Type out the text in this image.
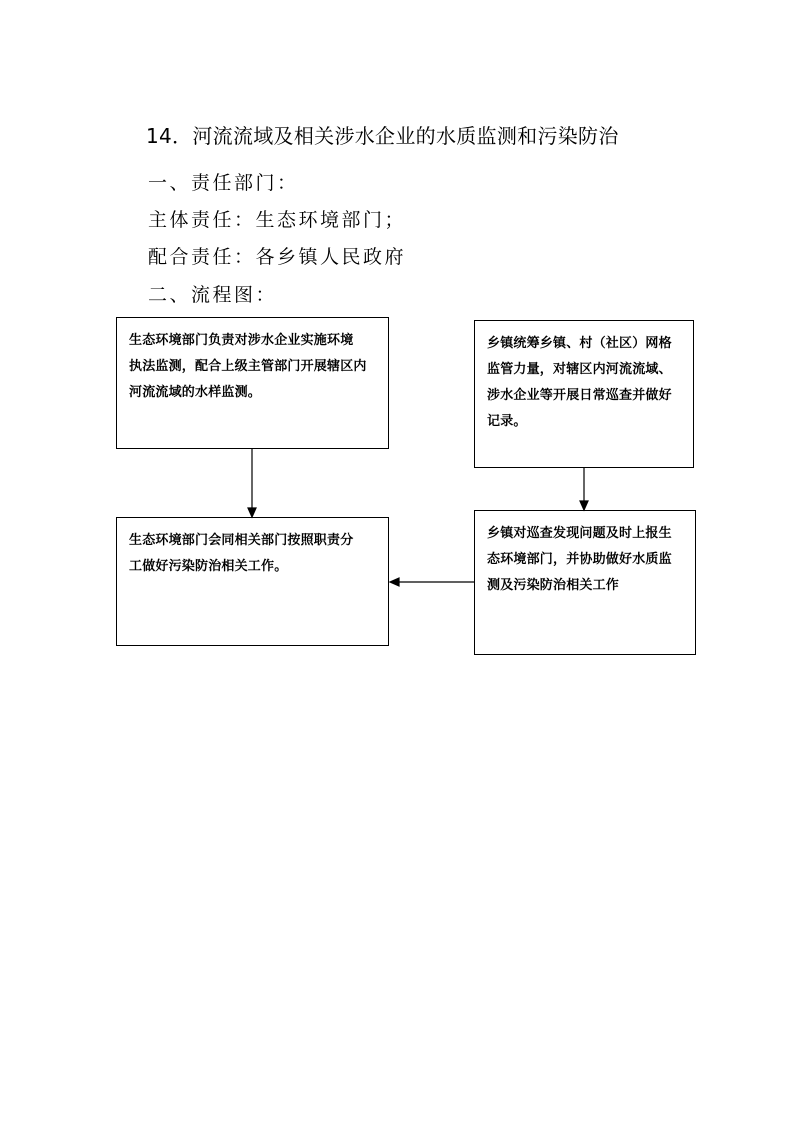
14．河流流域及相关涉水企业的水质监测和污染防治
一、责任部门：
主体责任：生态环境部门；
配合责任：各乡镇人民政府
二、流程图：
生态环境部门负责对涉水企业实施环境
执法监测，配合上级主管部门开展辖区内
河流流域的水样监测。
乡镇统筹乡镇、村（社区）网格
监管力量，对辖区内河流流域、
涉水企业等开展日常巡查并做好
记录。
生态环境部门会同相关部门按照职责分
工做好污染防治相关工作。
乡镇对巡查发现问题及时上报生
态环境部门，并协助做好水质监
测及污染防治相关工作
